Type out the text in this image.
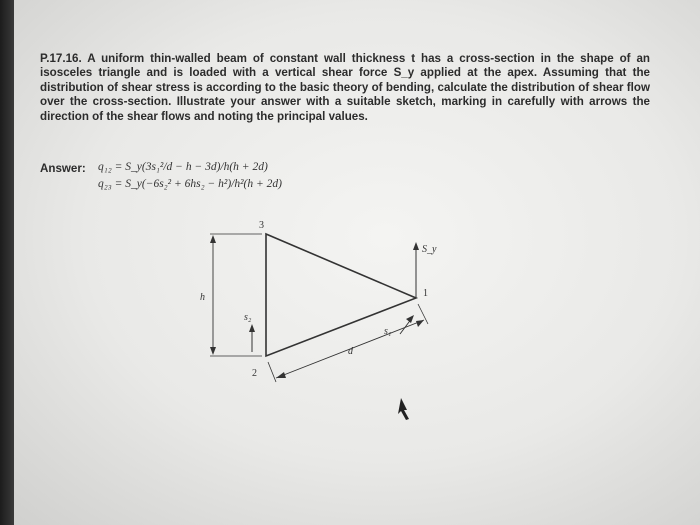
P.17.16. A uniform thin-walled beam of constant wall thickness t has a cross-section in the shape of an isosceles triangle and is loaded with a vertical shear force S_y applied at the apex. Assuming that the distribution of shear stress is according to the basic theory of bending, calculate the distribution of shear flow over the cross-section. Illustrate your answer with a suitable sketch, marking in carefully with arrows the direction of the shear flows and noting the principal values.
Answer: q₁₂ = S_y(3s₁²/d − h − 3d)/h(h + 2d)
q₂₃ = S_y(−6s₂² + 6hs₂ − h²)/h²(h + 2d)
3
1
2
h
d
s₁
s₂
S_y
